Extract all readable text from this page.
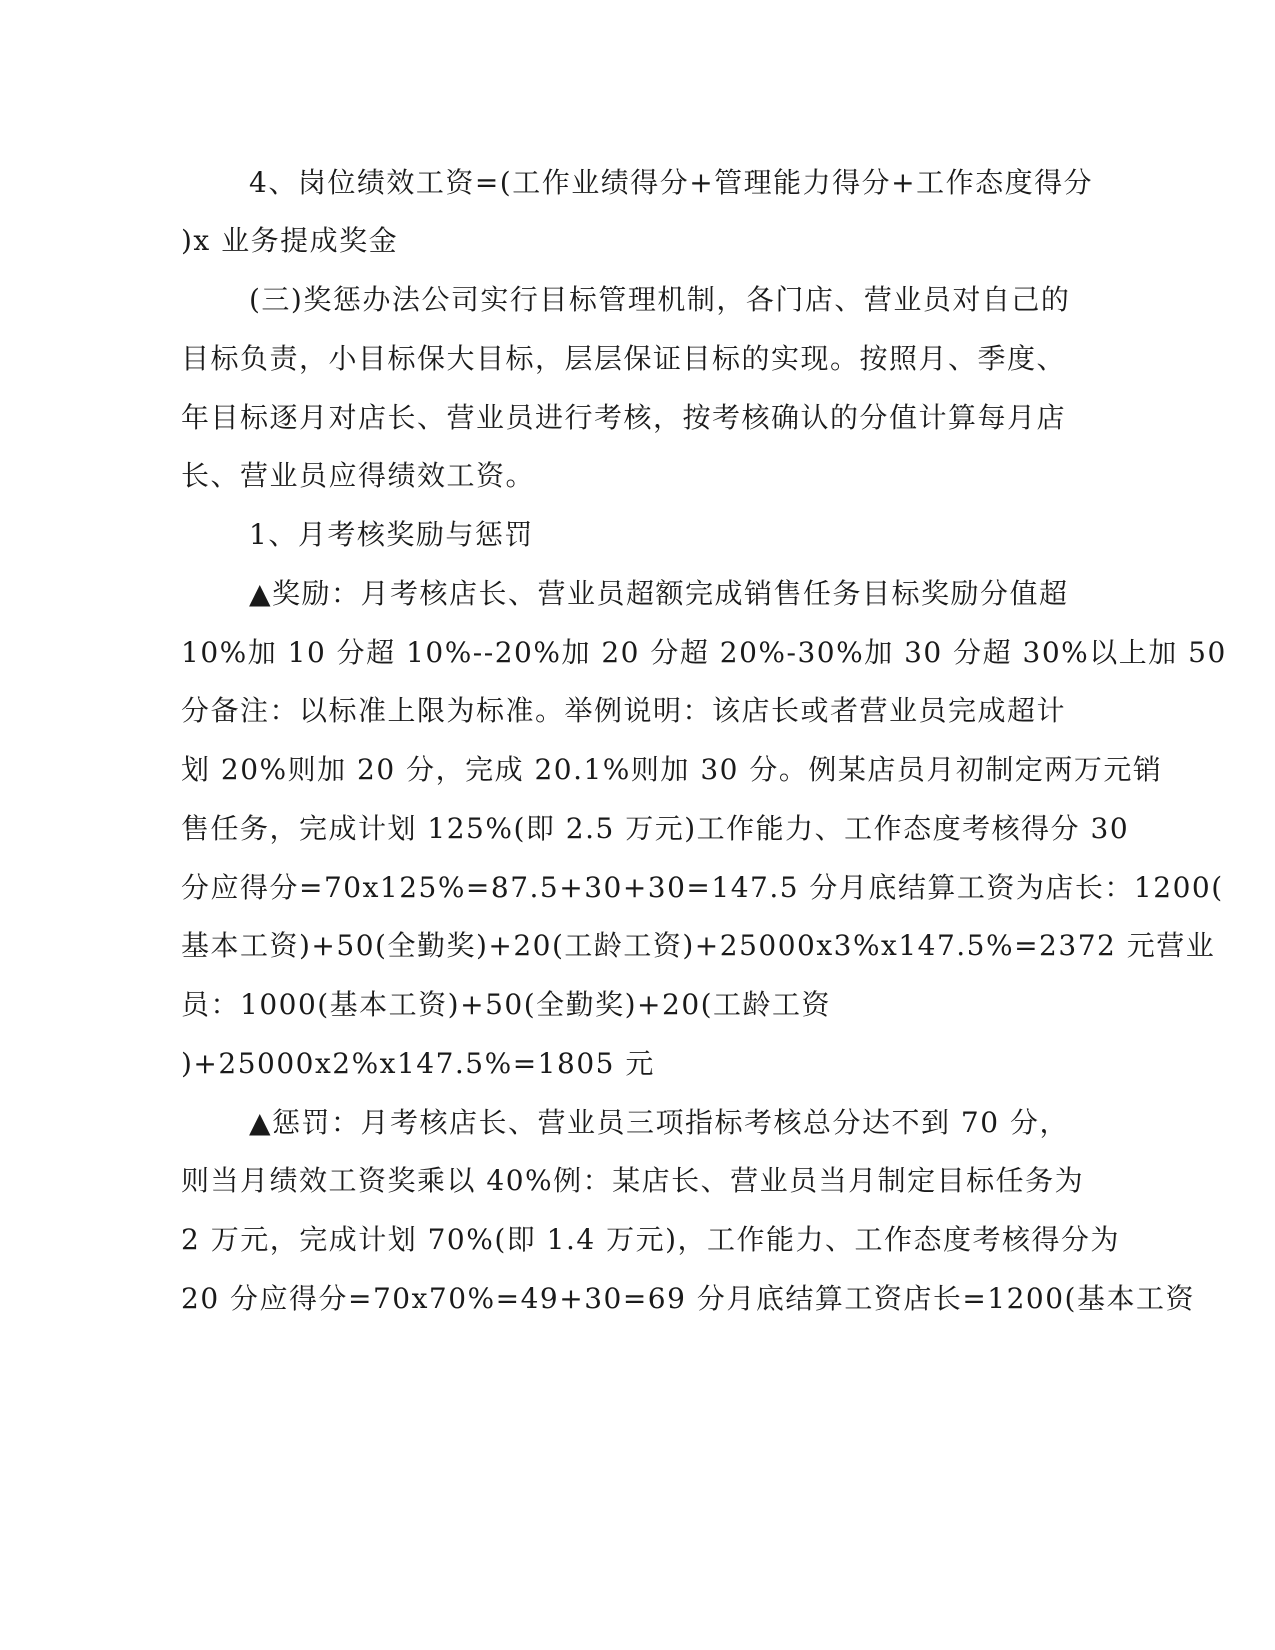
4、岗位绩效工资=(工作业绩得分+管理能力得分+工作态度得分
)x 业务提成奖金
(三)奖惩办法公司实行目标管理机制，各门店、营业员对自己的
目标负责，小目标保大目标，层层保证目标的实现。按照月、季度、
年目标逐月对店长、营业员进行考核，按考核确认的分值计算每月店
长、营业员应得绩效工资。
1、月考核奖励与惩罚
▲奖励：月考核店长、营业员超额完成销售任务目标奖励分值超
10%加 10 分超 10%--20%加 20 分超 20%-30%加 30 分超 30%以上加 50
分备注：以标准上限为标准。举例说明：该店长或者营业员完成超计
划 20%则加 20 分，完成 20.1%则加 30 分。例某店员月初制定两万元销
售任务，完成计划 125%(即 2.5 万元)工作能力、工作态度考核得分 30
分应得分=70x125%=87.5+30+30=147.5 分月底结算工资为店长：1200(
基本工资)+50(全勤奖)+20(工龄工资)+25000x3%x147.5%=2372 元营业
员：1000(基本工资)+50(全勤奖)+20(工龄工资
)+25000x2%x147.5%=1805 元
▲惩罚：月考核店长、营业员三项指标考核总分达不到 70 分，
则当月绩效工资奖乘以 40%例：某店长、营业员当月制定目标任务为
2 万元，完成计划 70%(即 1.4 万元)，工作能力、工作态度考核得分为
20 分应得分=70x70%=49+30=69 分月底结算工资店长=1200(基本工资
